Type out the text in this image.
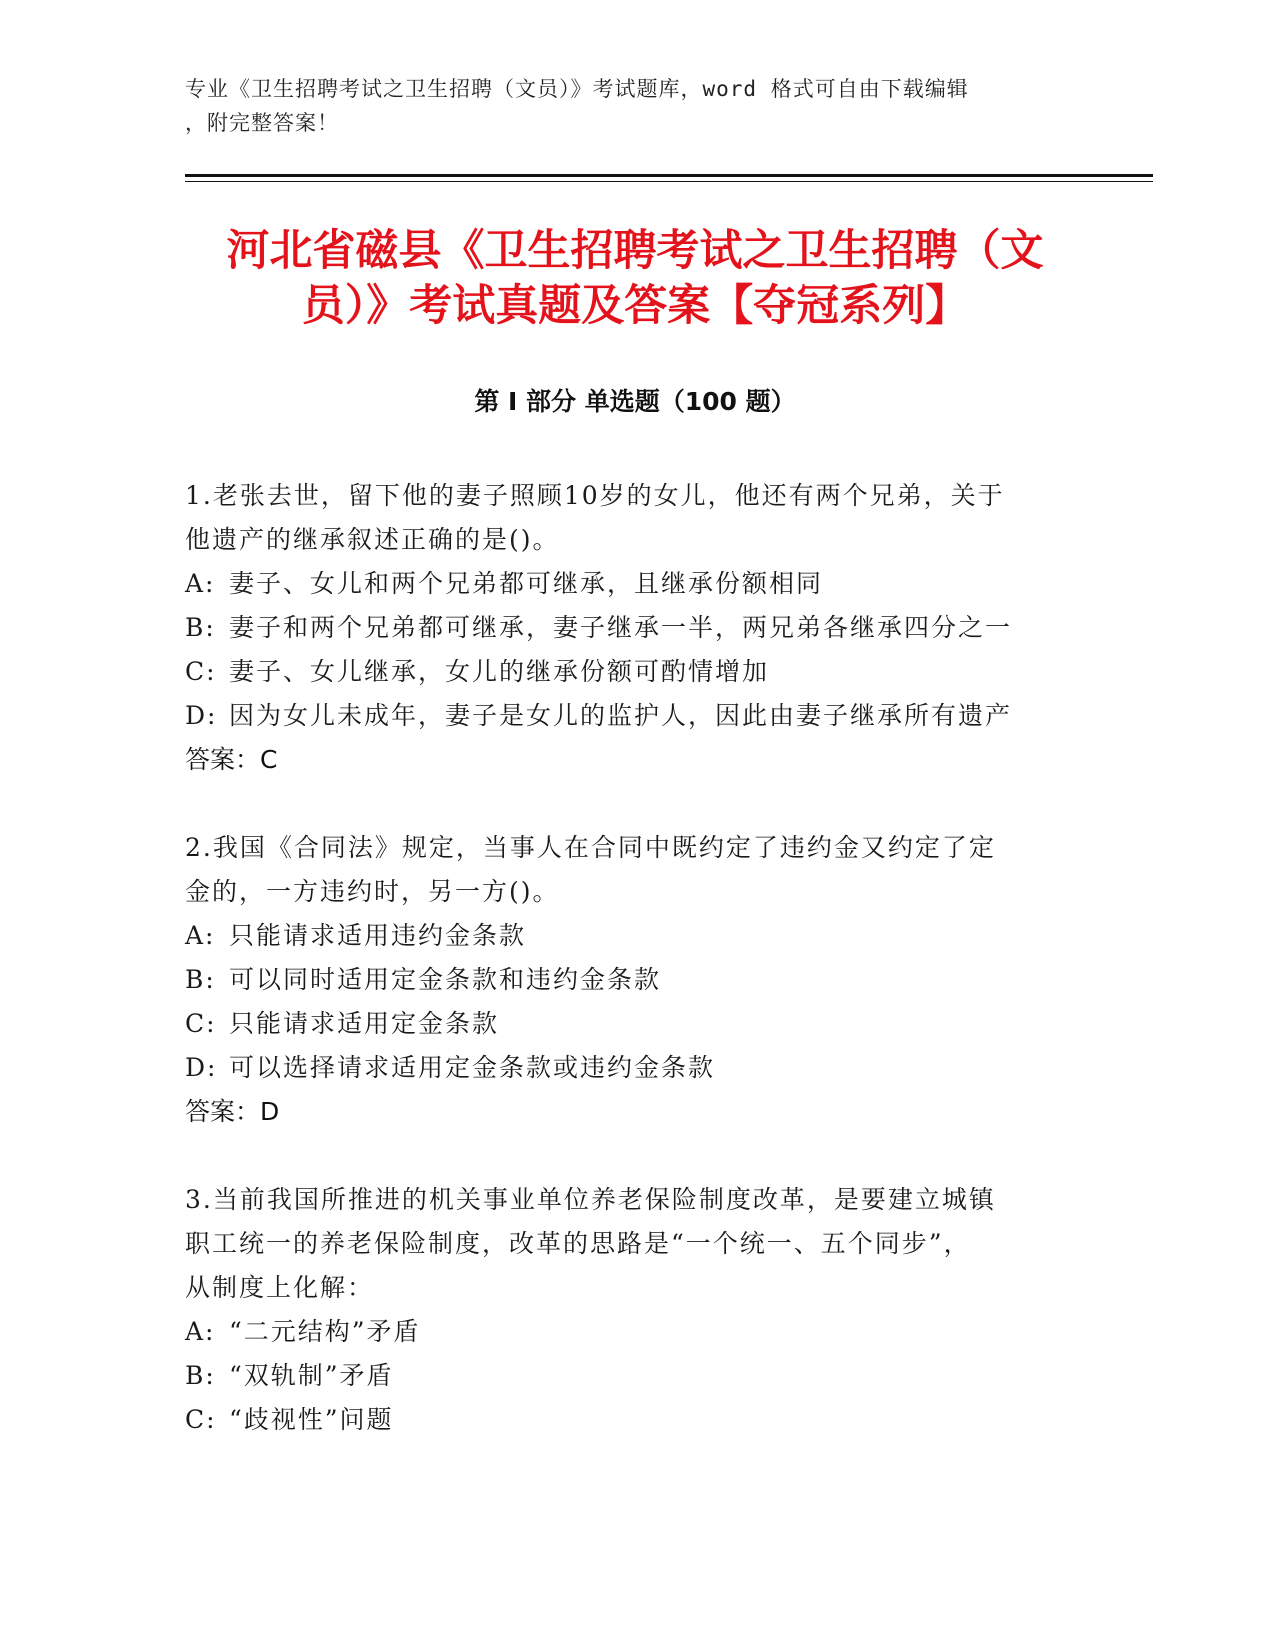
专业《卫生招聘考试之卫生招聘（文员）》考试题库，word 格式可自由下载编辑

，附完整答案！

河北省磁县《卫生招聘考试之卫生招聘（文
员）》考试真题及答案【夺冠系列】
第 I 部分 单选题（100 题）

1.老张去世，留下他的妻子照顾10岁的女儿，他还有两个兄弟，关于
他遗产的继承叙述正确的是()。

A: 妻子、女儿和两个兄弟都可继承，且继承份额相同

B: 妻子和两个兄弟都可继承，妻子继承一半，两兄弟各继承四分之一

C: 妻子、女儿继承，女儿的继承份额可酌情增加

D: 因为女儿未成年，妻子是女儿的监护人，因此由妻子继承所有遗产

答案：C

2.我国《合同法》规定，当事人在合同中既约定了违约金又约定了定
金的，一方违约时，另一方()。

A: 只能请求适用违约金条款

B: 可以同时适用定金条款和违约金条款

C: 只能请求适用定金条款

D: 可以选择请求适用定金条款或违约金条款

答案：D

3.当前我国所推进的机关事业单位养老保险制度改革，是要建立城镇
职工统一的养老保险制度，改革的思路是“一个统一、五个同步”，
从制度上化解：

A: “二元结构”矛盾

B: “双轨制”矛盾

C: “歧视性”问题
